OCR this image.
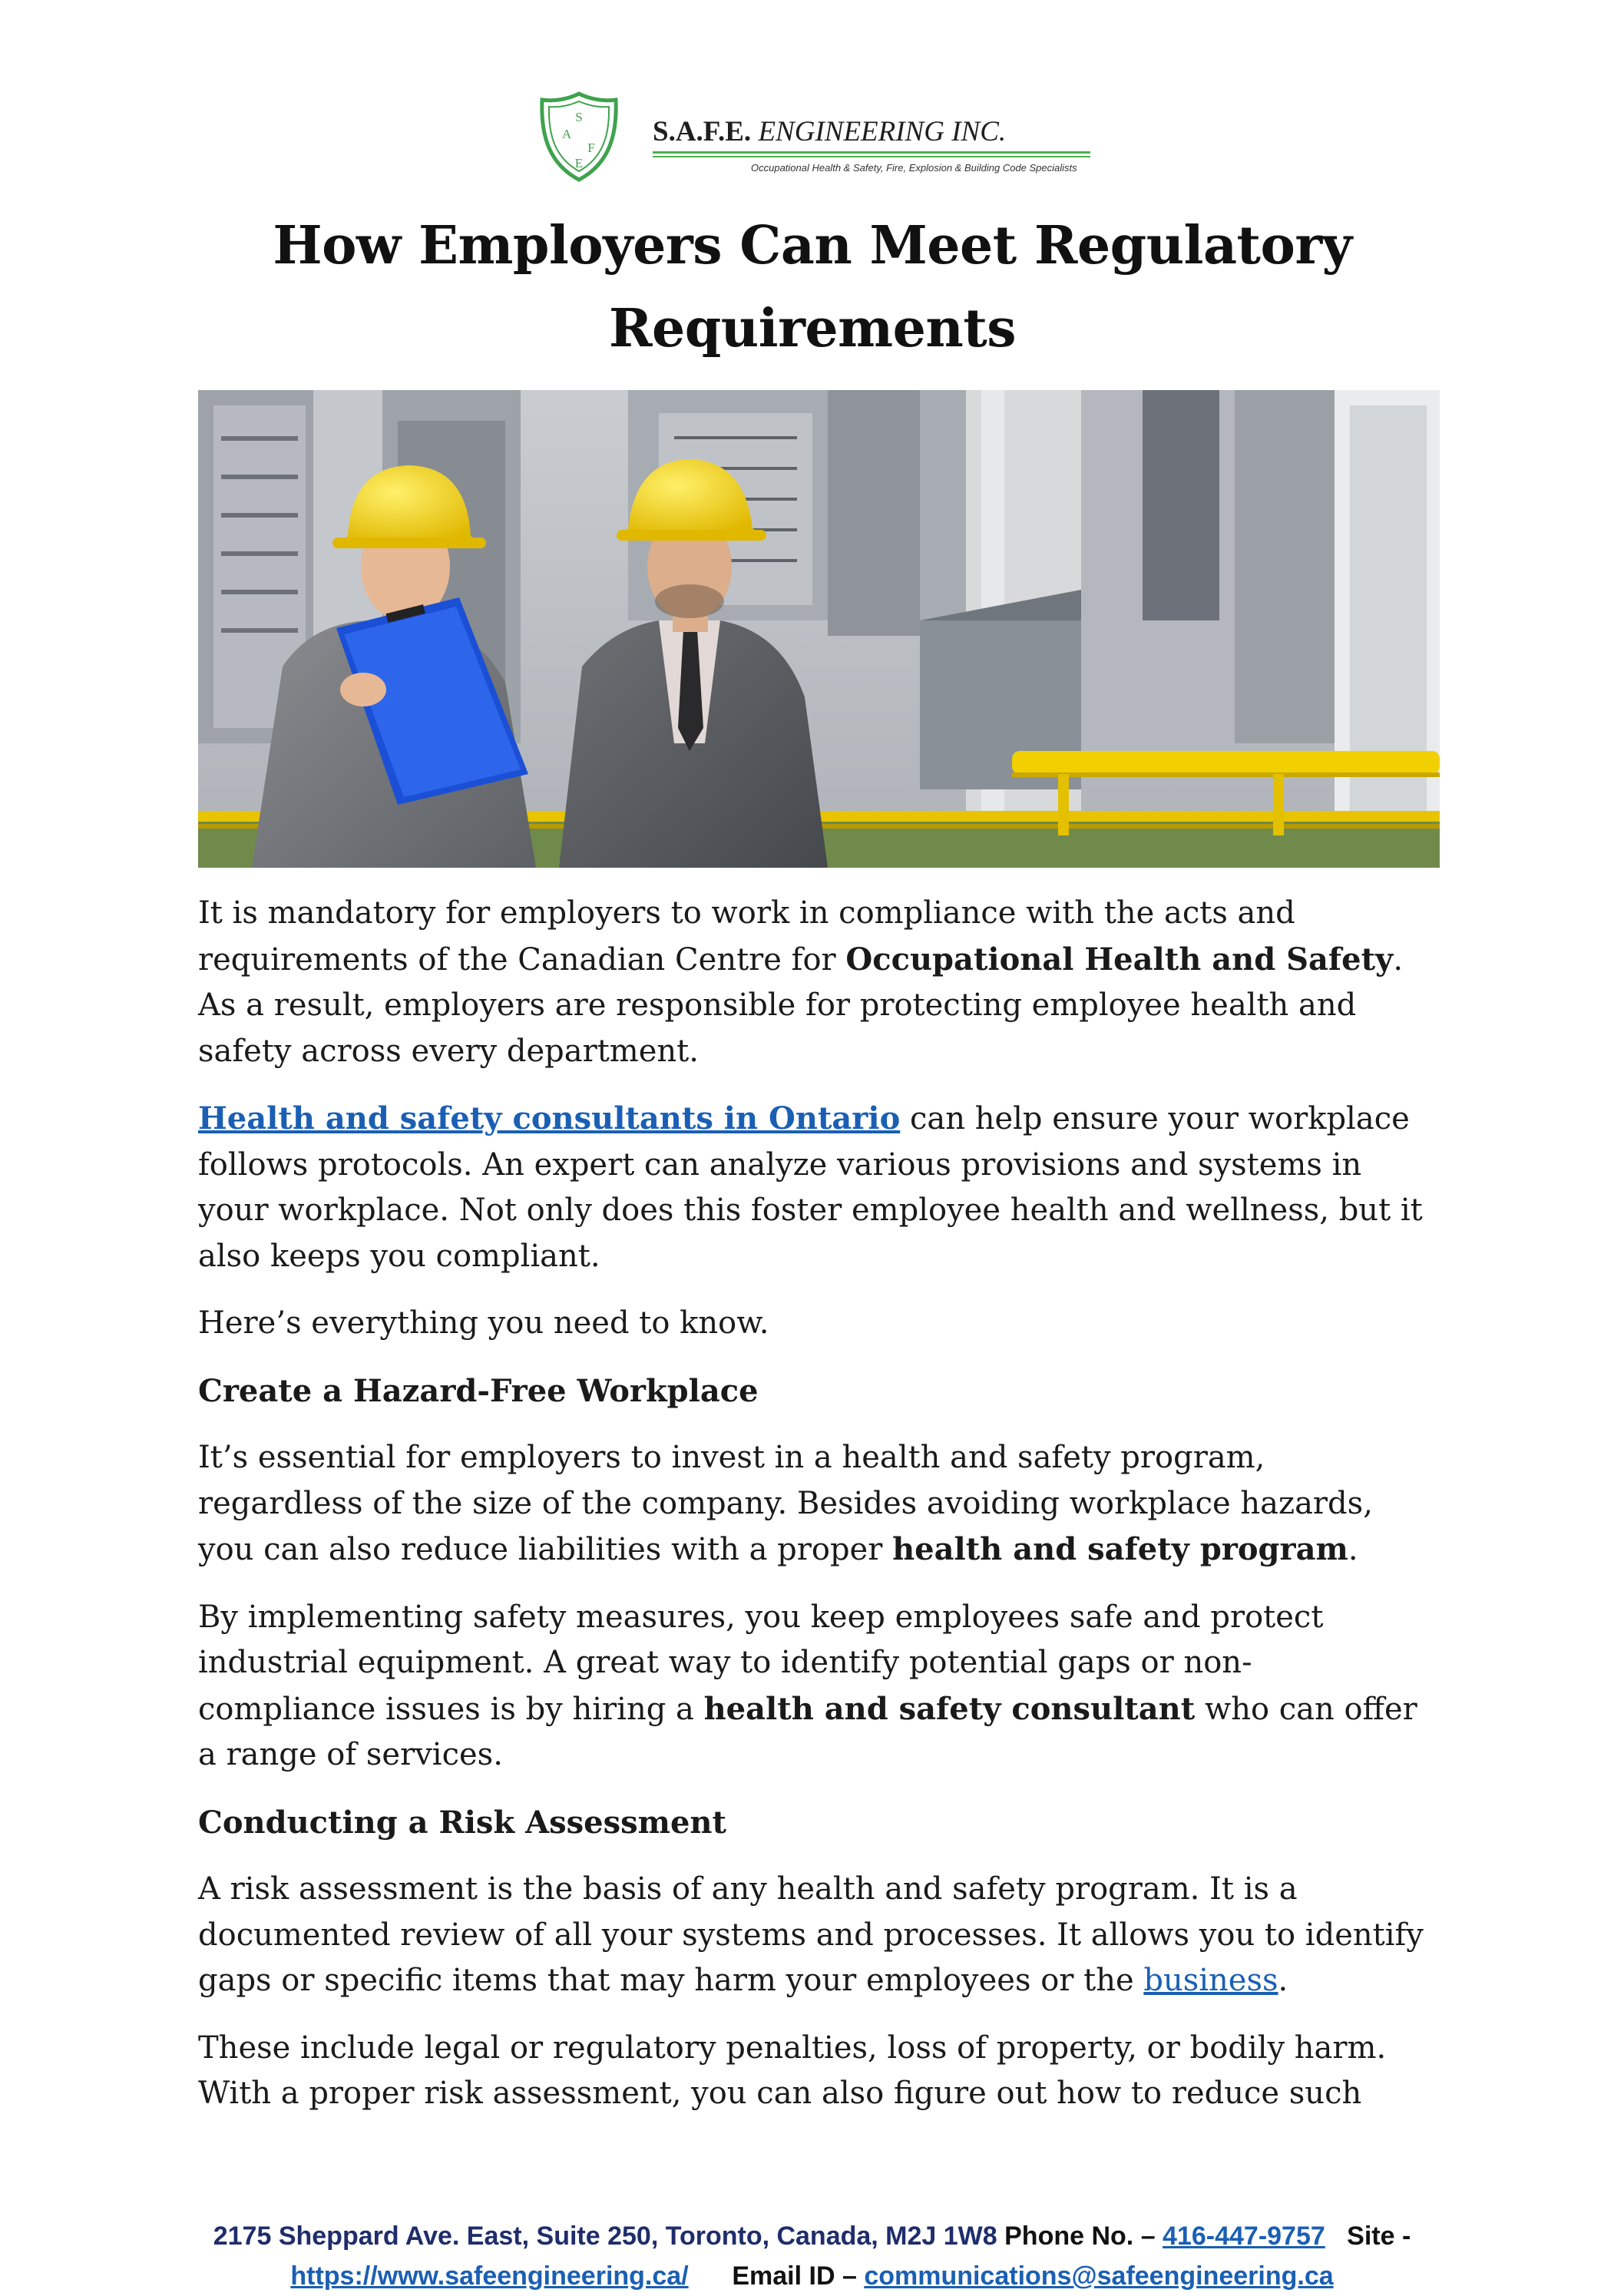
S
A
F
E
S.A.F.E. ENGINEERING INC.
Occupational Health & Safety, Fire, Explosion & Building Code Specialists
How Employers Can Meet Regulatory
Requirements

It is mandatory for employers to work in compliance with the acts and requirements of the Canadian Centre for Occupational Health and Safety. As a result, employers are responsible for protecting employee health and safety across every department.

Health and safety consultants in Ontario can help ensure your workplace follows protocols. An expert can analyze various provisions and systems in your workplace. Not only does this foster employee health and wellness, but it also keeps you compliant.

Here’s everything you need to know.

Create a Hazard-Free Workplace

It’s essential for employers to invest in a health and safety program, regardless of the size of the company. Besides avoiding workplace hazards, you can also reduce liabilities with a proper health and safety program.

By implementing safety measures, you keep employees safe and protect industrial equipment. A great way to identify potential gaps or non-compliance issues is by hiring a health and safety consultant who can offer a range of services.

Conducting a Risk Assessment

A risk assessment is the basis of any health and safety program. It is a documented review of all your systems and processes. It allows you to identify gaps or specific items that may harm your employees or the business.

These include legal or regulatory penalties, loss of property, or bodily harm. With a proper risk assessment, you can also figure out how to reduce such

2175 Sheppard Ave. East, Suite 250, Toronto, Canada, M2J 1W8 Phone No. – 416-447-9757 Site -
https://www.safeengineering.ca/ Email ID – communications@safeengineering.ca
